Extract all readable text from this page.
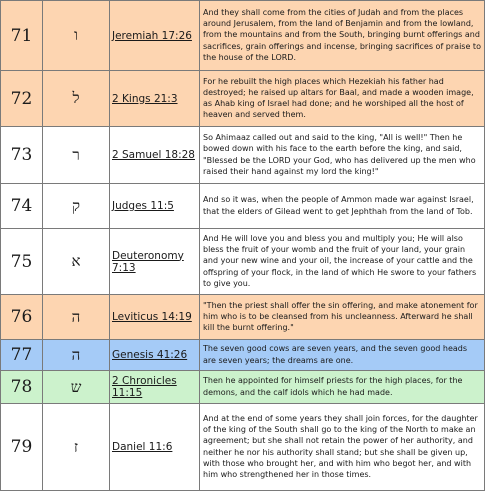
71	ו	Jeremiah 17:26	And they shall come from the cities of Judah and from the places around Jerusalem, from the land of Benjamin and from the lowland, from the mountains and from the South, bringing burnt offerings and sacrifices, grain offerings and incense, bringing sacrifices of praise to the house of the LORD.
72	ל	2 Kings 21:3	For he rebuilt the high places which Hezekiah his father had destroyed; he raised up altars for Baal, and made a wooden image, as Ahab king of Israel had done; and he worshiped all the host of heaven and served them.
73	ר	2 Samuel 18:28	So Ahimaaz called out and said to the king, "All is well!" Then he bowed down with his face to the earth before the king, and said, "Blessed be the LORD your God, who has delivered up the men who raised their hand against my lord the king!"
74	ק	Judges 11:5	And so it was, when the people of Ammon made war against Israel, that the elders of Gilead went to get Jephthah from the land of Tob.
75	א	Deuteronomy 7:13	And He will love you and bless you and multiply you; He will also bless the fruit of your womb and the fruit of your land, your grain and your new wine and your oil, the increase of your cattle and the offspring of your flock, in the land of which He swore to your fathers to give you.
76	ה	Leviticus 14:19	"Then the priest shall offer the sin offering, and make atonement for him who is to be cleansed from his uncleanness. Afterward he shall kill the burnt offering."
77	ה	Genesis 41:26	The seven good cows are seven years, and the seven good heads are seven years; the dreams are one.
78	ש	2 Chronicles 11:15	Then he appointed for himself priests for the high places, for the demons, and the calf idols which he had made.
79	ז	Daniel 11:6	And at the end of some years they shall join forces, for the daughter of the king of the South shall go to the king of the North to make an agreement; but she shall not retain the power of her authority, and neither he nor his authority shall stand; but she shall be given up, with those who brought her, and with him who begot her, and with him who strengthened her in those times.
